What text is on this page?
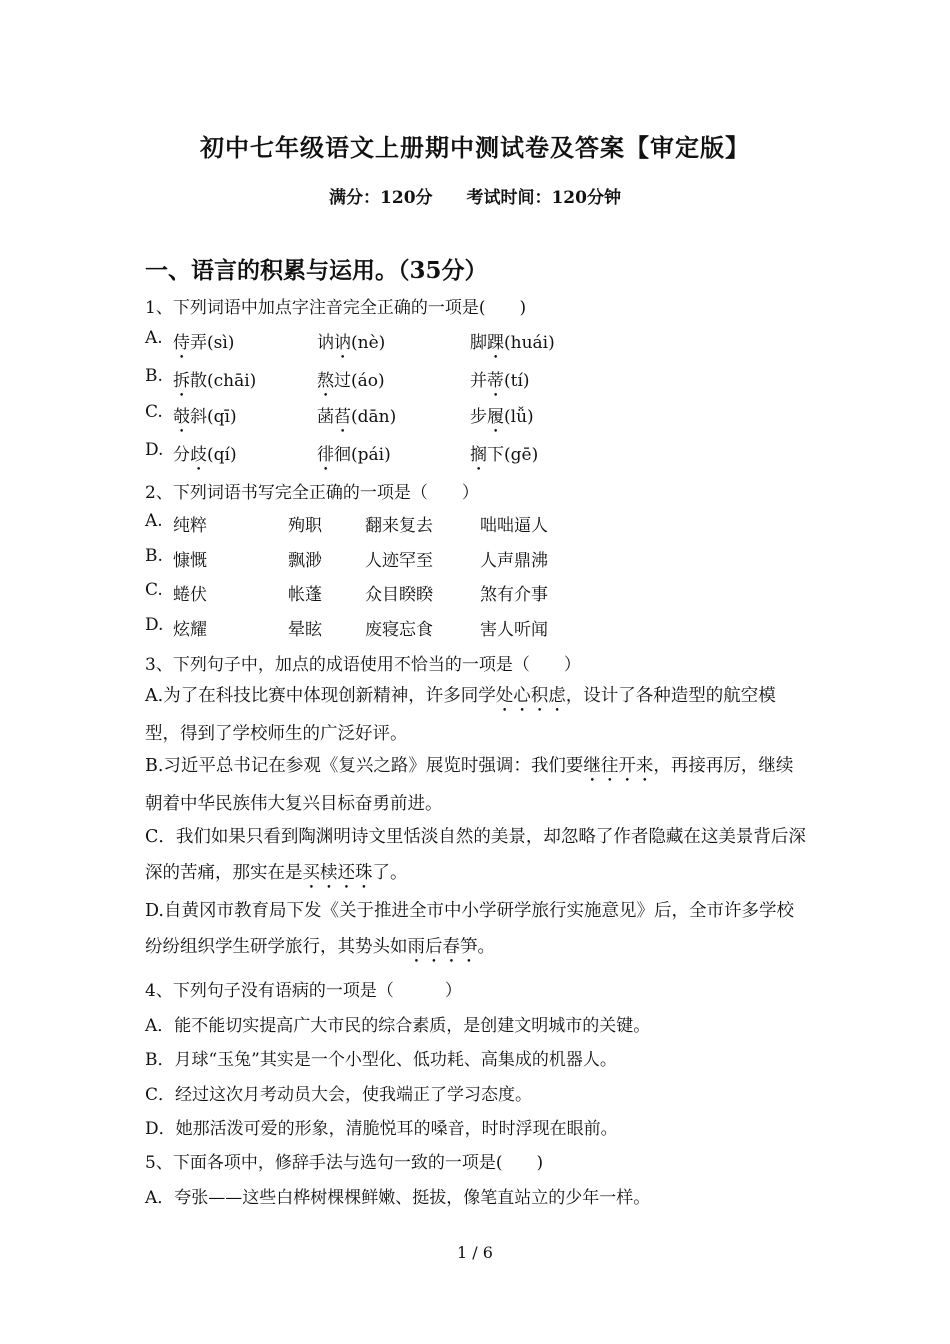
初中七年级语文上册期中测试卷及答案【审定版】
满分：120分 考试时间：120分钟
一、语言的积累与运用。（35分）
1、下列词语中加点字注音完全正确的一项是(　　)
A. 侍弄(sì)	讷讷(nè)	脚踝(huái)
B. 拆散(chāi)	熬过(áo)	并蒂(tí)
C. 攲斜(qī)	菡萏(dān)	步履(lǚ)
D. 分歧(qí)	徘徊(pái)	搁下(gē)
2、下列词语书写完全正确的一项是（　　）
A. 纯粹	殉职	翻来复去	咄咄逼人
B. 慷慨	飘渺	人迹罕至	人声鼎沸
C. 蜷伏	帐蓬	众目睽睽	煞有介事
D. 炫耀	晕眩	废寝忘食	害人听闻
3、下列句子中，加点的成语使用不恰当的一项是（　　）
A.为了在科技比赛中体现创新精神，许多同学处心积虑，设计了各种造型的航空模型，得到了学校师生的广泛好评。
B.习近平总书记在参观《复兴之路》展览时强调：我们要继往开来，再接再厉，继续朝着中华民族伟大复兴目标奋勇前进。
C．我们如果只看到陶渊明诗文里恬淡自然的美景，却忽略了作者隐藏在这美景背后深深的苦痛，那实在是买椟还珠了。
D.自黄冈市教育局下发《关于推进全市中小学研学旅行实施意见》后，全市许多学校纷纷组织学生研学旅行，其势头如雨后春笋。
4、下列句子没有语病的一项是（　　　）
A．能不能切实提高广大市民的综合素质，是创建文明城市的关键。
B．月球“玉兔”其实是一个小型化、低功耗、高集成的机器人。
C．经过这次月考动员大会，使我端正了学习态度。
D．她那活泼可爱的形象，清脆悦耳的嗓音，时时浮现在眼前。
5、下面各项中，修辞手法与选句一致的一项是(　　)
A．夸张——这些白桦树棵棵鲜嫩、挺拔，像笔直站立的少年一样。
1 / 6
